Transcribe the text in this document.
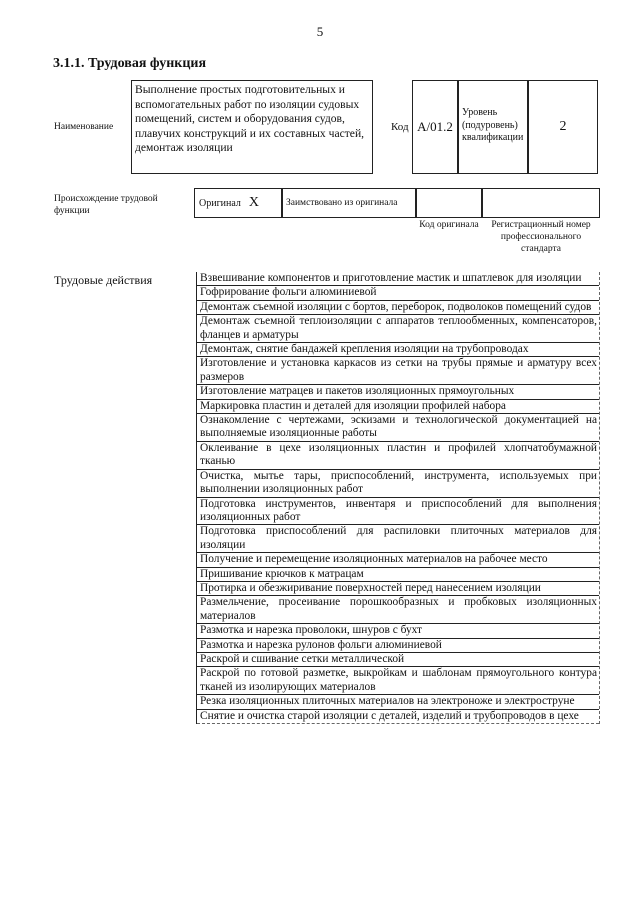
5
3.1.1. Трудовая функция
Наименование
Выполнение простых подготовительных и вспомогательных работ по изоляции судовых помещений, систем и оборудования судов, плавучих конструкций и их составных частей, демонтаж изоляции
Код А/01.2
Уровень (подуровень) квалификации
2
Происхождение трудовой функции
Оригинал X	Заимствовано из оригинала
Код оригинала	Регистрационный номер профессионального стандарта
Трудовые действия	Взвешивание компонентов и приготовление мастик и шпатлевок для изоляции
Гофрирование фольги алюминиевой
Демонтаж съемной изоляции с бортов, переборок, подволоков помещений судов
Демонтаж съемной теплоизоляции с аппаратов теплообменных, компенсаторов, фланцев и арматуры
Демонтаж, снятие бандажей крепления изоляции на трубопроводах
Изготовление и установка каркасов из сетки на трубы прямые и арматуру всех размеров
Изготовление матрацев и пакетов изоляционных прямоугольных
Маркировка пластин и деталей для изоляции профилей набора
Ознакомление с чертежами, эскизами и технологической документацией на выполняемые изоляционные работы
Оклеивание в цехе изоляционных пластин и профилей хлопчатобумажной тканью
Очистка, мытье тары, приспособлений, инструмента, используемых при выполнении изоляционных работ
Подготовка инструментов, инвентаря и приспособлений для выполнения изоляционных работ
Подготовка приспособлений для распиловки плиточных материалов для изоляции
Получение и перемещение изоляционных материалов на рабочее место
Пришивание крючков к матрацам
Протирка и обезжиривание поверхностей перед нанесением изоляции
Размельчение, просеивание порошкообразных и пробковых изоляционных материалов
Размотка и нарезка проволоки, шнуров с бухт
Размотка и нарезка рулонов фольги алюминиевой
Раскрой и сшивание сетки металлической
Раскрой по готовой разметке, выкройкам и шаблонам прямоугольного контура тканей из изолирующих материалов
Резка изоляционных плиточных материалов на электроноже и электроструне
Снятие и очистка старой изоляции с деталей, изделий и трубопроводов в цехе
